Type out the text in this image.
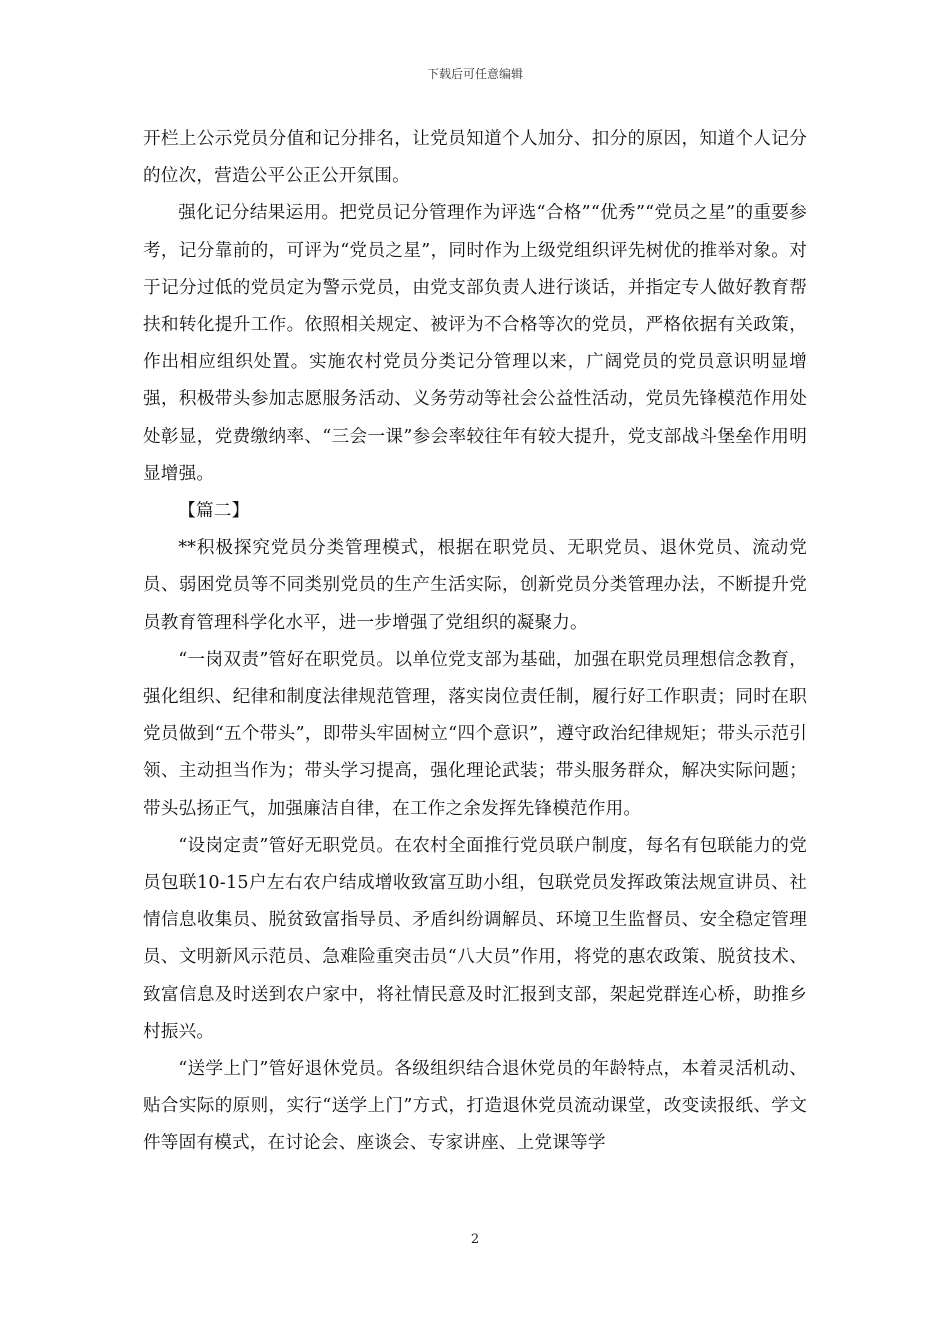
下载后可任意编辑

开栏上公示党员分值和记分排名，让党员知道个人加分、扣分的原因，知道个人记分的位次，营造公平公正公开氛围。

强化记分结果运用。把党员记分管理作为评选“合格”“优秀”“党员之星”的重要参考，记分靠前的，可评为“党员之星”，同时作为上级党组织评先树优的推举对象。对于记分过低的党员定为警示党员，由党支部负责人进行谈话，并指定专人做好教育帮扶和转化提升工作。依照相关规定、被评为不合格等次的党员，严格依据有关政策，作出相应组织处置。实施农村党员分类记分管理以来，广阔党员的党员意识明显增强，积极带头参加志愿服务活动、义务劳动等社会公益性活动，党员先锋模范作用处处彰显，党费缴纳率、“三会一课”参会率较往年有较大提升，党支部战斗堡垒作用明显增强。

【篇二】

**积极探究党员分类管理模式，根据在职党员、无职党员、退休党员、流动党员、弱困党员等不同类别党员的生产生活实际，创新党员分类管理办法，不断提升党员教育管理科学化水平，进一步增强了党组织的凝聚力。

“一岗双责”管好在职党员。以单位党支部为基础，加强在职党员理想信念教育，强化组织、纪律和制度法律规范管理，落实岗位责任制，履行好工作职责；同时在职党员做到“五个带头”，即带头牢固树立“四个意识”，遵守政治纪律规矩；带头示范引领、主动担当作为；带头学习提高，强化理论武装；带头服务群众，解决实际问题；带头弘扬正气，加强廉洁自律，在工作之余发挥先锋模范作用。

“设岗定责”管好无职党员。在农村全面推行党员联户制度，每名有包联能力的党员包联10-15户左右农户结成增收致富互助小组，包联党员发挥政策法规宣讲员、社情信息收集员、脱贫致富指导员、矛盾纠纷调解员、环境卫生监督员、安全稳定管理员、文明新风示范员、急难险重突击员“八大员”作用，将党的惠农政策、脱贫技术、致富信息及时送到农户家中，将社情民意及时汇报到支部，架起党群连心桥，助推乡村振兴。

“送学上门”管好退休党员。各级组织结合退休党员的年龄特点，本着灵活机动、贴合实际的原则，实行“送学上门”方式，打造退休党员流动课堂，改变读报纸、学文件等固有模式，在讨论会、座谈会、专家讲座、上党课等学

2
